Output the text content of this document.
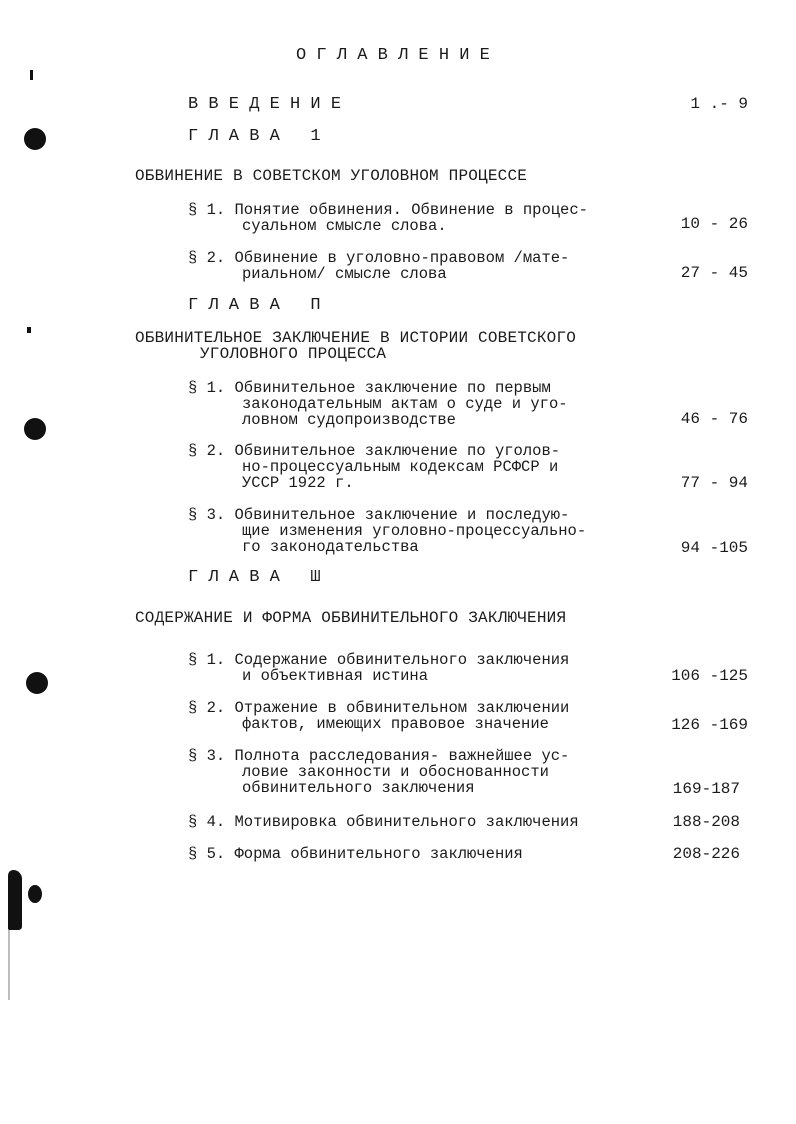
О Г Л А В Л Е Н И Е
В В Е Д Е Н И Е	1 .- 9
Г Л А В А   1
ОБВИНЕНИЕ В СОВЕТСКОМ УГОЛОВНОМ ПРОЦЕССЕ
§ 1. Понятие обвинения. Обвинение в процес-
суальном смысле слова.	10 - 26
§ 2. Обвинение в уголовно-правовом /мате-
риальном/ смысле слова	27 - 45
Г Л А В А   П
ОБВИНИТЕЛЬНОЕ ЗАКЛЮЧЕНИЕ В ИСТОРИИ СОВЕТСКОГО
УГОЛОВНОГО ПРОЦЕССА
§ 1. Обвинительное заключение по первым
законодательным актам о суде и уго-
ловном судопроизводстве	46 - 76
§ 2. Обвинительное заключение по уголов-
но-процессуальным кодексам РСФСР и
УССР 1922 г.	77 - 94
§ 3. Обвинительное заключение и последую-
щие изменения уголовно-процессуально-
го законодательства	94 -105
Г Л А В А   Ш
СОДЕРЖАНИЕ И ФОРМА ОБВИНИТЕЛЬНОГО ЗАКЛЮЧЕНИЯ
§ 1. Содержание обвинительного заключения
и объективная истина	106 -125
§ 2. Отражение в обвинительном заключении
фактов, имеющих правовое значение	126 -169
§ 3. Полнота расследования- важнейшее ус-
ловие законности и обоснованности
обвинительного заключения	169-187
§ 4. Мотивировка обвинительного заключения	188-208
§ 5. Форма обвинительного заключения	208-226
